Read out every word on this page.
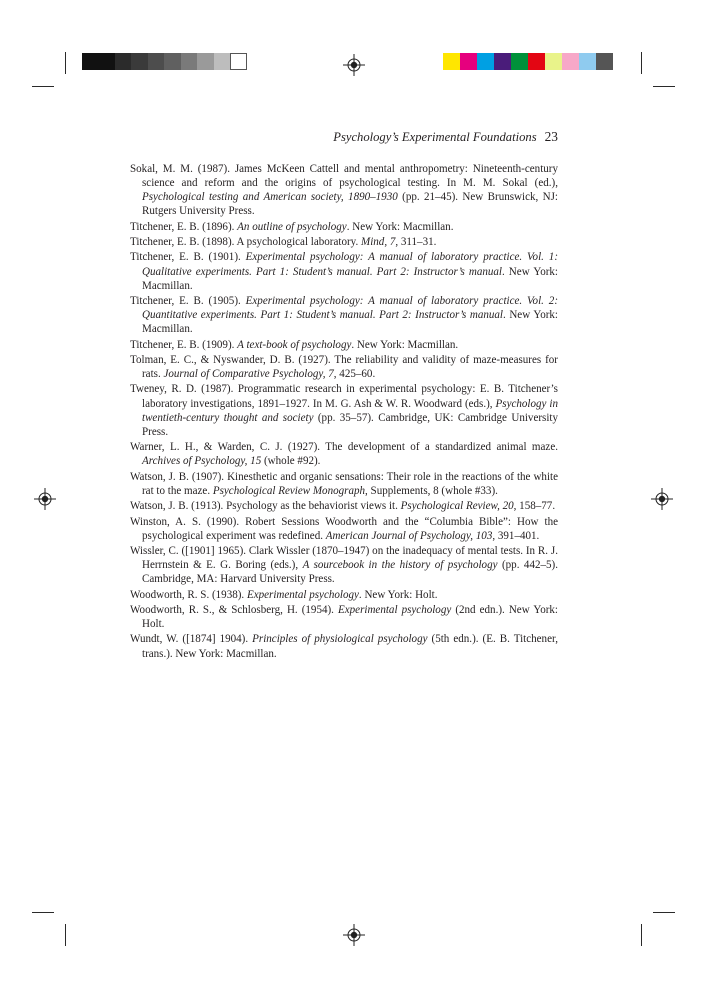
Psychology’s Experimental Foundations 23
Sokal, M. M. (1987). James McKeen Cattell and mental anthropometry: Nineteenth-century science and reform and the origins of psychological testing. In M. M. Sokal (ed.), Psychological testing and American society, 1890–1930 (pp. 21–45). New Brunswick, NJ: Rutgers University Press.
Titchener, E. B. (1896). An outline of psychology. New York: Macmillan.
Titchener, E. B. (1898). A psychological laboratory. Mind, 7, 311–31.
Titchener, E. B. (1901). Experimental psychology: A manual of laboratory practice. Vol. 1: Qualitative experiments. Part 1: Student’s manual. Part 2: Instructor’s manual. New York: Macmillan.
Titchener, E. B. (1905). Experimental psychology: A manual of laboratory practice. Vol. 2: Quantitative experiments. Part 1: Student’s manual. Part 2: Instructor’s manual. New York: Macmillan.
Titchener, E. B. (1909). A text-book of psychology. New York: Macmillan.
Tolman, E. C., & Nyswander, D. B. (1927). The reliability and validity of maze-measures for rats. Journal of Comparative Psychology, 7, 425–60.
Tweney, R. D. (1987). Programmatic research in experimental psychology: E. B. Titchener’s laboratory investigations, 1891–1927. In M. G. Ash & W. R. Woodward (eds.), Psychology in twentieth-century thought and society (pp. 35–57). Cambridge, UK: Cambridge University Press.
Warner, L. H., & Warden, C. J. (1927). The development of a standardized animal maze. Archives of Psychology, 15 (whole #92).
Watson, J. B. (1907). Kinesthetic and organic sensations: Their role in the reactions of the white rat to the maze. Psychological Review Monograph, Supplements, 8 (whole #33).
Watson, J. B. (1913). Psychology as the behaviorist views it. Psychological Review, 20, 158–77.
Winston, A. S. (1990). Robert Sessions Woodworth and the “Columbia Bible”: How the psychological experiment was redefined. American Journal of Psychology, 103, 391–401.
Wissler, C. ([1901] 1965). Clark Wissler (1870–1947) on the inadequacy of mental tests. In R. J. Herrnstein & E. G. Boring (eds.), A sourcebook in the history of psychology (pp. 442–5). Cambridge, MA: Harvard University Press.
Woodworth, R. S. (1938). Experimental psychology. New York: Holt.
Woodworth, R. S., & Schlosberg, H. (1954). Experimental psychology (2nd edn.). New York: Holt.
Wundt, W. ([1874] 1904). Principles of physiological psychology (5th edn.). (E. B. Titchener, trans.). New York: Macmillan.
